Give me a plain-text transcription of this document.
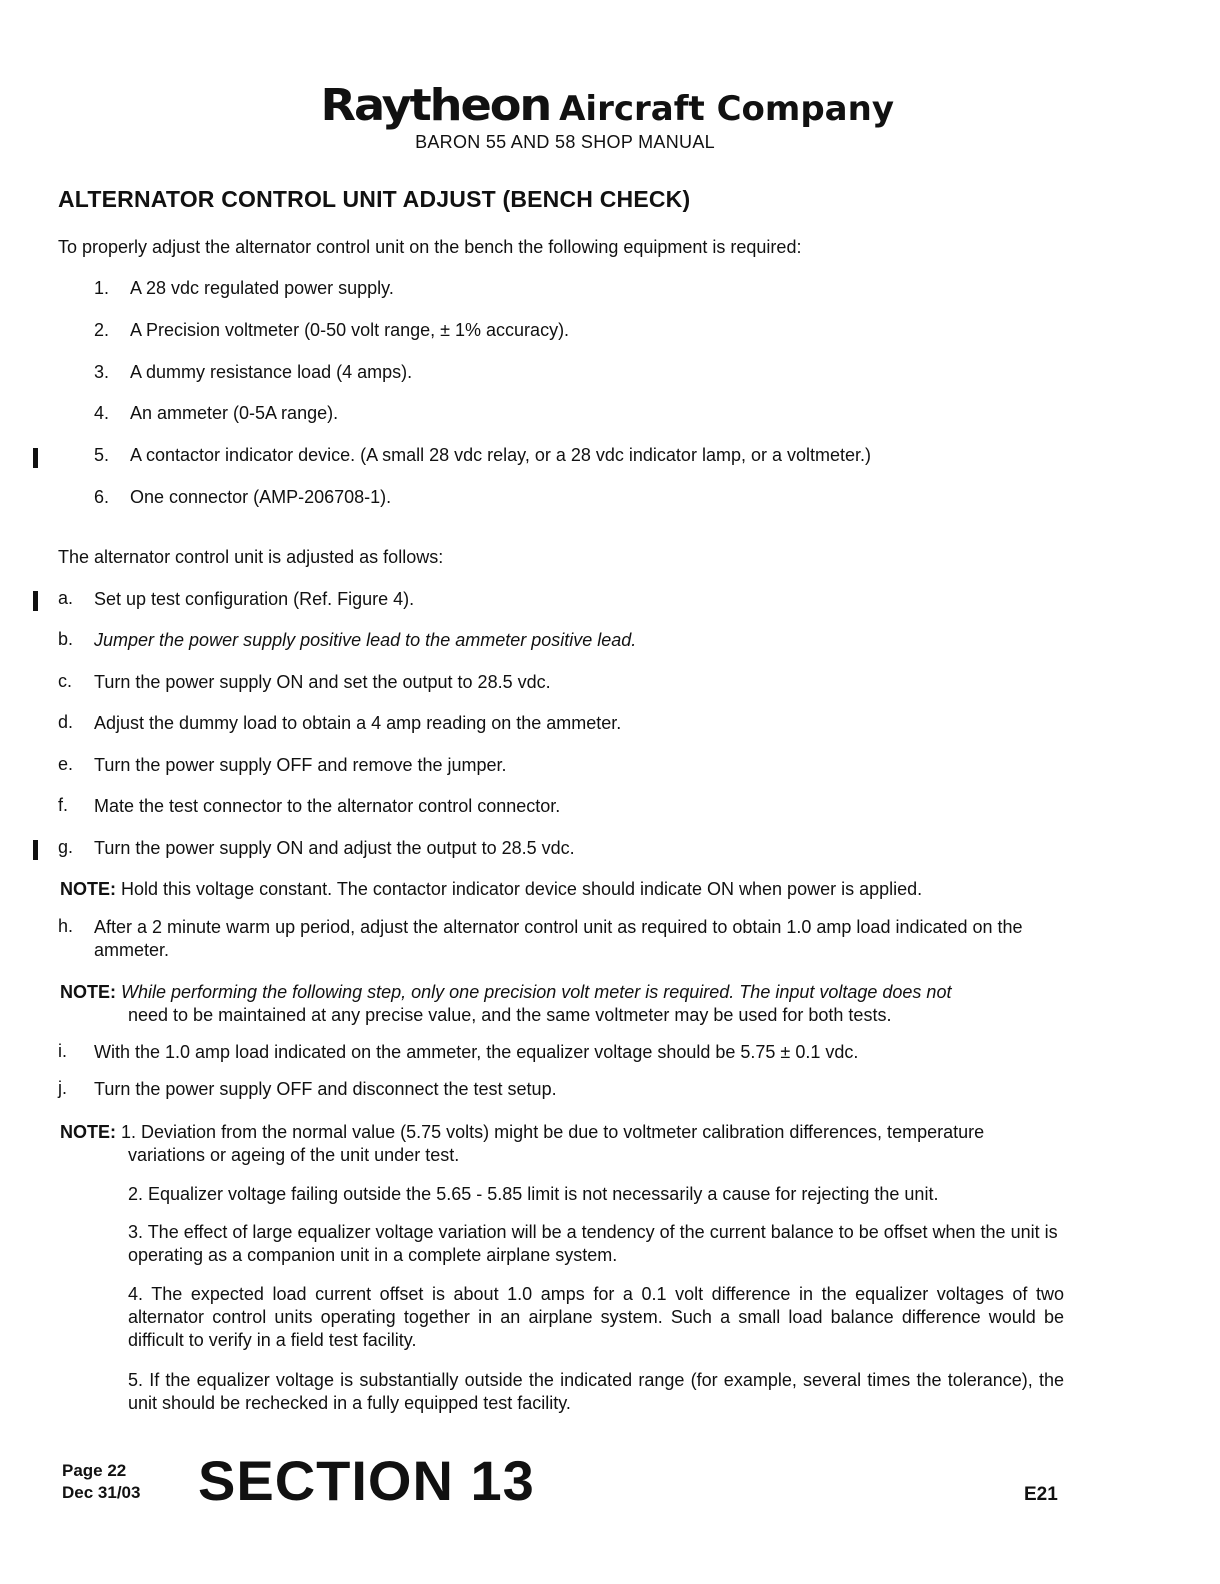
Raytheon Aircraft Company
BARON 55 AND 58 SHOP MANUAL
ALTERNATOR CONTROL UNIT ADJUST (BENCH CHECK)
To properly adjust the alternator control unit on the bench the following equipment is required:
1.	A 28 vdc regulated power supply.
2.	A Precision voltmeter (0-50 volt range, ± 1% accuracy).
3.	A dummy resistance load (4 amps).
4.	An ammeter (0-5A range).
5.	A contactor indicator device. (A small 28 vdc relay, or a 28 vdc indicator lamp, or a voltmeter.)
6.	One connector (AMP-206708-1).
The alternator control unit is adjusted as follows:
a.	Set up test configuration (Ref. Figure 4).
b.	Jumper the power supply positive lead to the ammeter positive lead.
c.	Turn the power supply ON and set the output to 28.5 vdc.
d.	Adjust the dummy load to obtain a 4 amp reading on the ammeter.
e.	Turn the power supply OFF and remove the jumper.
f.	Mate the test connector to the alternator control connector.
g.	Turn the power supply ON and adjust the output to 28.5 vdc.
NOTE: Hold this voltage constant. The contactor indicator device should indicate ON when power is applied.
h.	After a 2 minute warm up period, adjust the alternator control unit as required to obtain 1.0 amp load indicated on the ammeter.
NOTE: While performing the following step, only one precision volt meter is required. The input voltage does not
need to be maintained at any precise value, and the same voltmeter may be used for both tests.
i.	With the 1.0 amp load indicated on the ammeter, the equalizer voltage should be 5.75 ± 0.1 vdc.
j.	Turn the power supply OFF and disconnect the test setup.
NOTE: 1. Deviation from the normal value (5.75 volts) might be due to voltmeter calibration differences, temperature
variations or ageing of the unit under test.
2. Equalizer voltage failing outside the 5.65 - 5.85 limit is not necessarily a cause for rejecting the unit.
3. The effect of large equalizer voltage variation will be a tendency of the current balance to be offset when the unit is operating as a companion unit in a complete airplane system.
4. The expected load current offset is about 1.0 amps for a 0.1 volt difference in the equalizer voltages of two alternator control units operating together in an airplane system. Such a small load balance difference would be difficult to verify in a field test facility.
5. If the equalizer voltage is substantially outside the indicated range (for example, several times the tolerance), the unit should be rechecked in a fully equipped test facility.
Page 22
Dec 31/03 SECTION 13	E21
